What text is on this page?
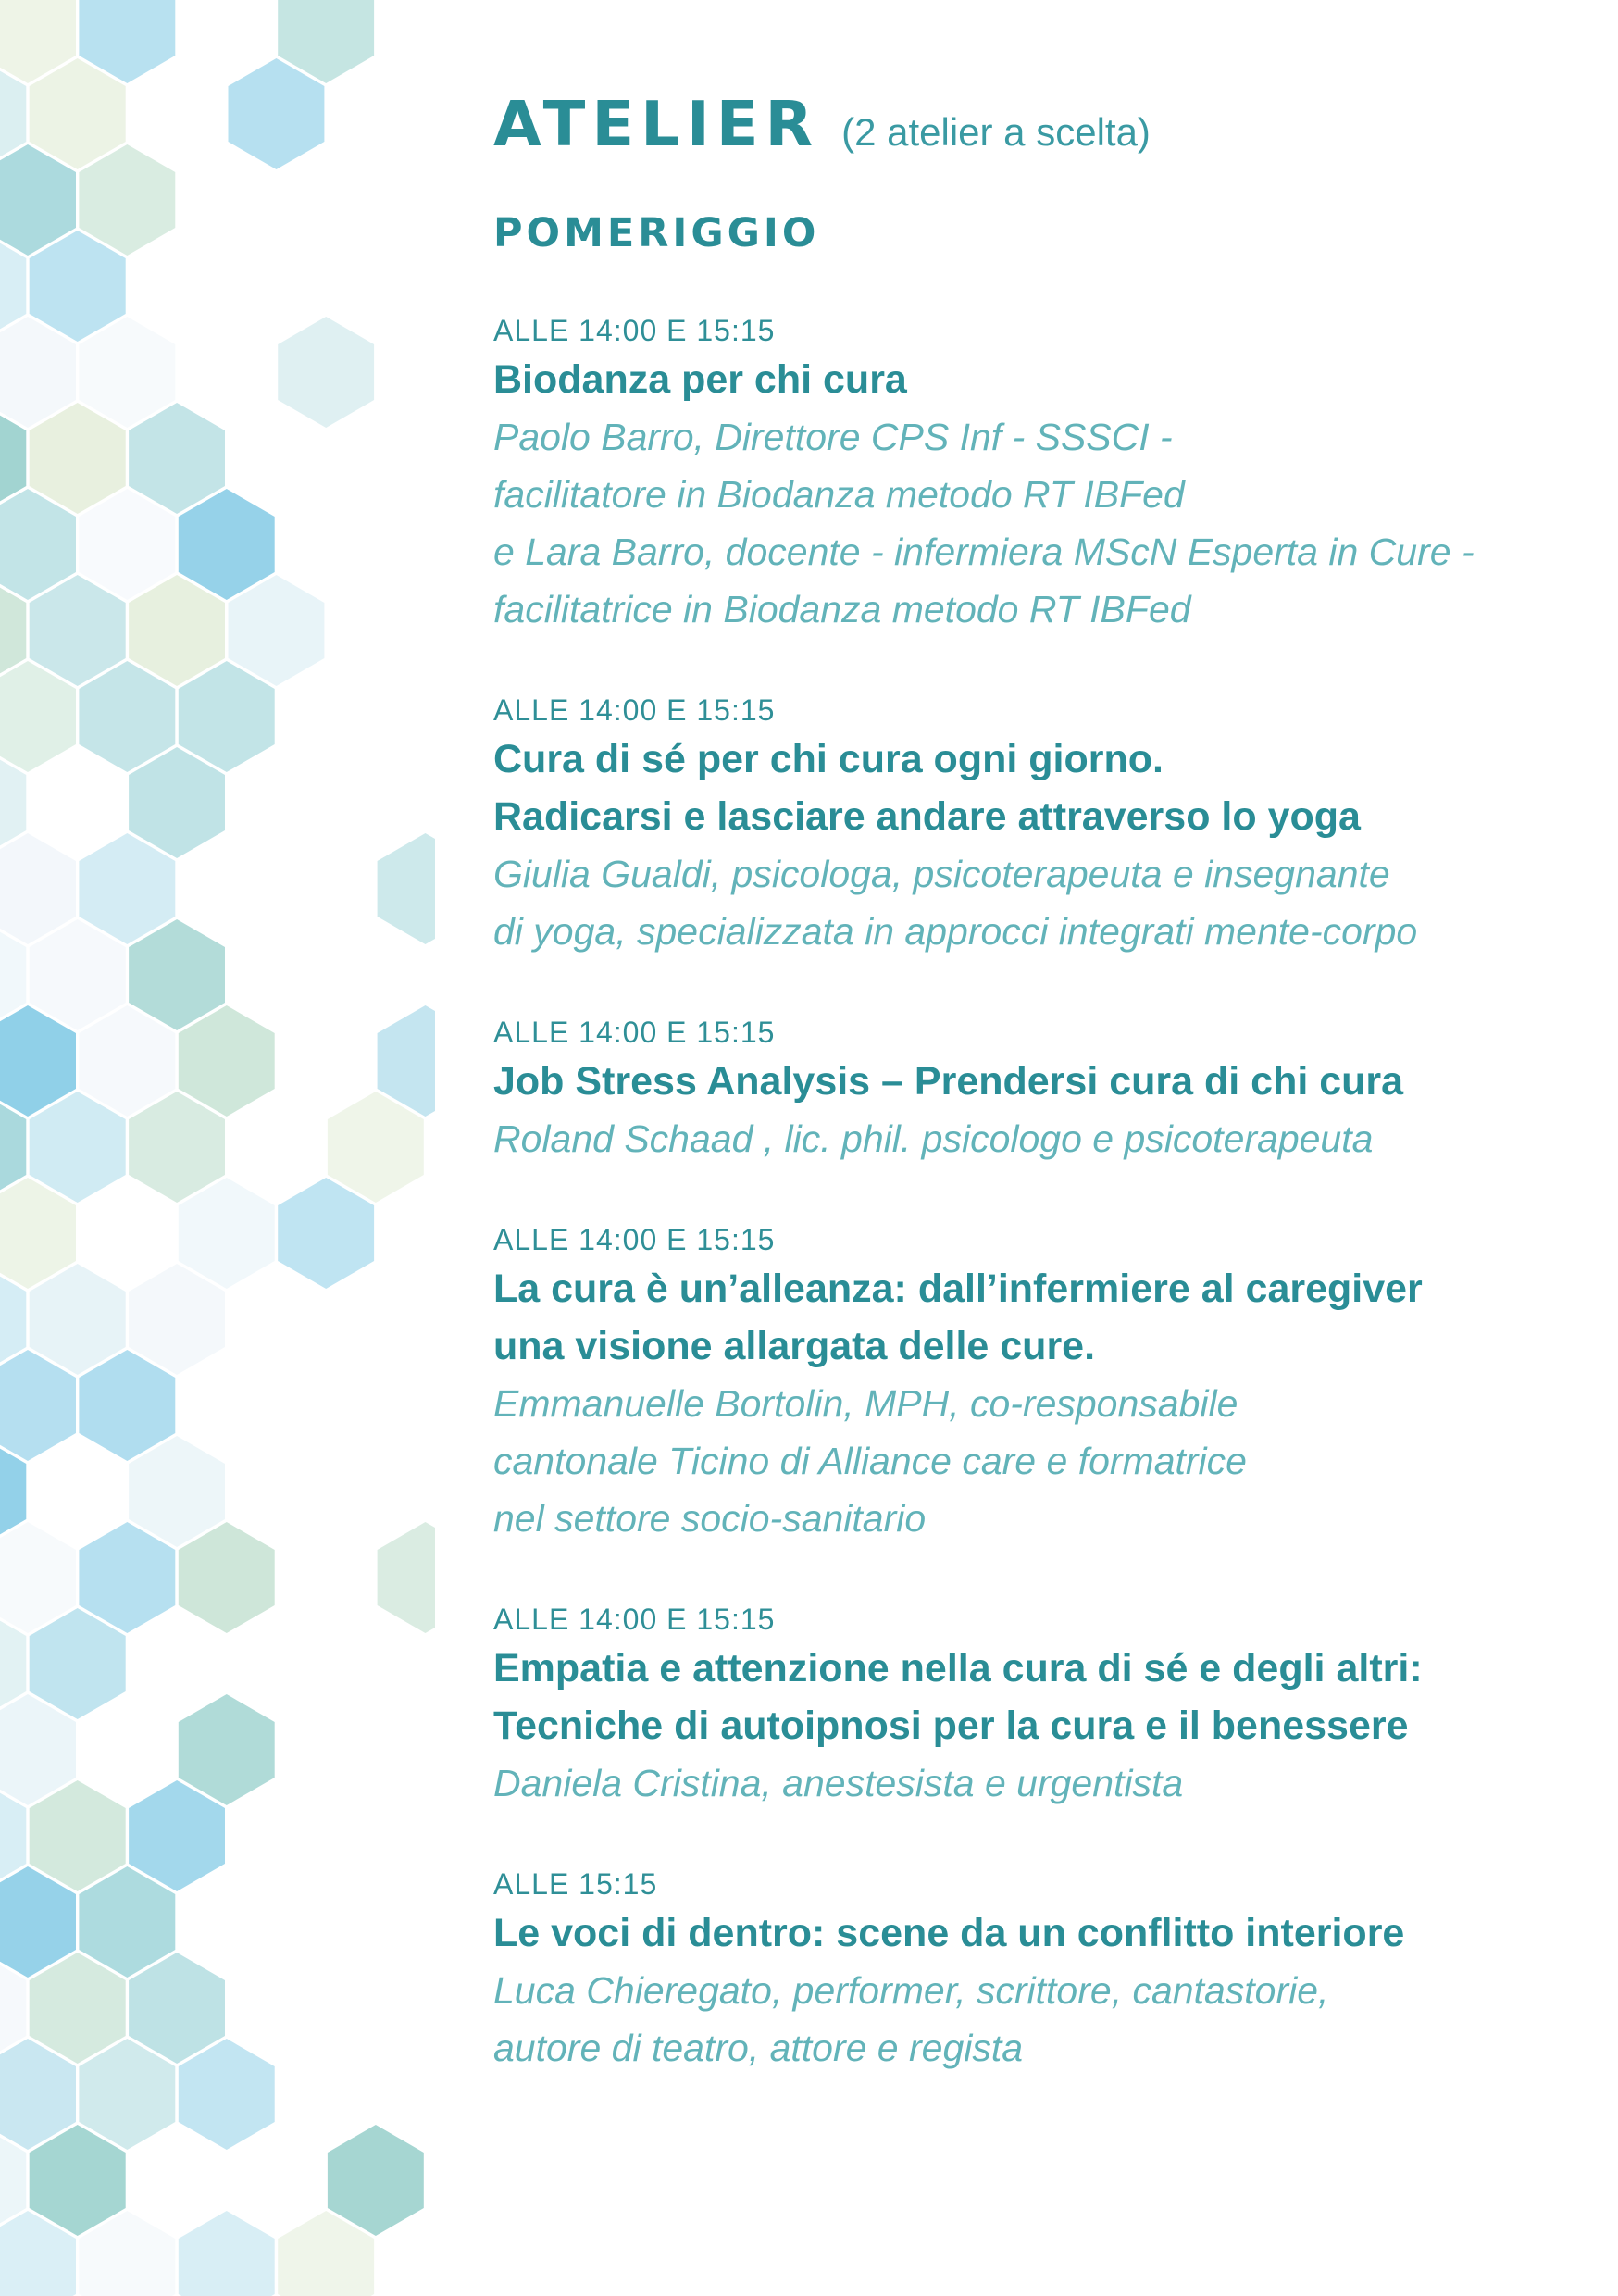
ATELIER (2 atelier a scelta)
POMERIGGIO
ALLE 14:00 E 15:15
Biodanza per chi cura
Paolo Barro, Direttore CPS Inf - SSSCI -
facilitatore in Biodanza metodo RT IBFed
e Lara Barro, docente - infermiera MScN Esperta in Cure -
facilitatrice in Biodanza metodo RT IBFed
ALLE 14:00 E 15:15
Cura di sé per chi cura ogni giorno.
Radicarsi e lasciare andare attraverso lo yoga
Giulia Gualdi, psicologa, psicoterapeuta e insegnante
di yoga, specializzata in approcci integrati mente-corpo
ALLE 14:00 E 15:15
Job Stress Analysis – Prendersi cura di chi cura
Roland Schaad , lic. phil. psicologo e psicoterapeuta
ALLE 14:00 E 15:15
La cura è un’alleanza: dall’infermiere al caregiver
una visione allargata delle cure.
Emmanuelle Bortolin, MPH, co-responsabile
cantonale Ticino di Alliance care e formatrice
nel settore socio-sanitario
ALLE 14:00 E 15:15
Empatia e attenzione nella cura di sé e degli altri:
Tecniche di autoipnosi per la cura e il benessere
Daniela Cristina, anestesista e urgentista
ALLE 15:15
Le voci di dentro: scene da un conflitto interiore
Luca Chieregato, performer, scrittore, cantastorie,
autore di teatro, attore e regista
